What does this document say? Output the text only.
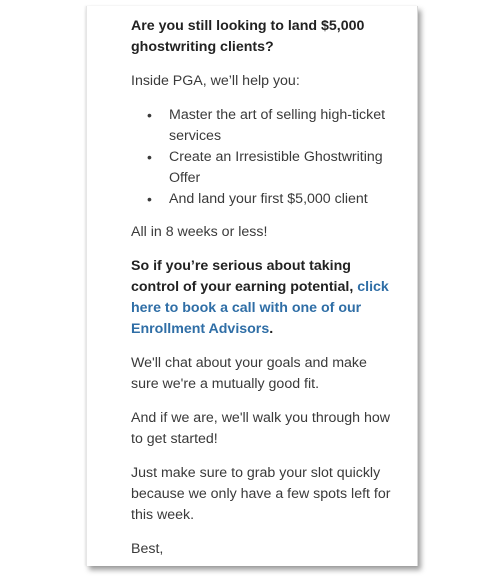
Are you still looking to land $5,000 ghostwriting clients?

Inside PGA, we’ll help you:

• Master the art of selling high-ticket services
• Create an Irresistible Ghostwriting Offer
• And land your first $5,000 client

All in 8 weeks or less!

So if you’re serious about taking control of your earning potential, click here to book a call with one of our Enrollment Advisors.

We'll chat about your goals and make sure we're a mutually good fit.

And if we are, we'll walk you through how to get started!

Just make sure to grab your slot quickly because we only have a few spots left for this week.

Best,
